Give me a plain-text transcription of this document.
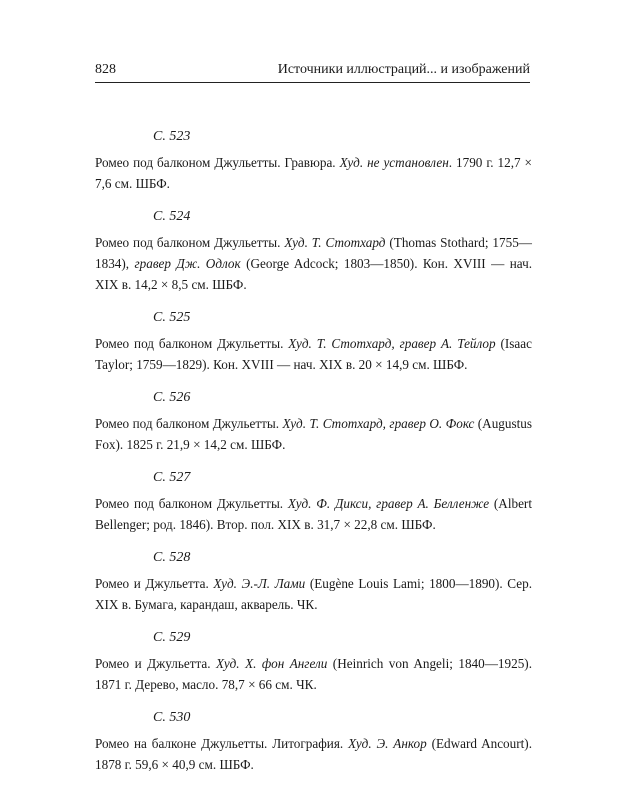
828	Источники иллюстраций... и изображений
С. 523

Ромео под балконом Джульетты. Гравюра. Худ. не установлен. 1790 г. 12,7 × 7,6 см. ШБФ.

С. 524

Ромео под балконом Джульетты. Худ. Т. Стотхард (Thomas Stothard; 1755—1834), гравер Дж. Одлок (George Adcock; 1803—1850). Кон. XVIII — нач. XIX в. 14,2 × 8,5 см. ШБФ.

С. 525

Ромео под балконом Джульетты. Худ. Т. Стотхард, гравер А. Тейлор (Isaac Taylor; 1759—1829). Кон. XVIII — нач. XIX в. 20 × 14,9 см. ШБФ.

С. 526

Ромео под балконом Джульетты. Худ. Т. Стотхард, гравер О. Фокс (Augustus Fox). 1825 г. 21,9 × 14,2 см. ШБФ.

С. 527

Ромео под балконом Джульетты. Худ. Ф. Дикси, гравер А. Белленже (Albert Bellenger; род. 1846). Втор. пол. XIX в. 31,7 × 22,8 см. ШБФ.

С. 528

Ромео и Джульетта. Худ. Э.-Л. Лами (Eugène Louis Lami; 1800—1890). Сер. XIX в. Бумага, карандаш, акварель. ЧК.

С. 529

Ромео и Джульетта. Худ. Х. фон Ангели (Heinrich von Angeli; 1840—1925). 1871 г. Дерево, масло. 78,7 × 66 см. ЧК.

С. 530

Ромео на балконе Джульетты. Литография. Худ. Э. Анкор (Edward Ancourt). 1878 г. 59,6 × 40,9 см. ШБФ.
